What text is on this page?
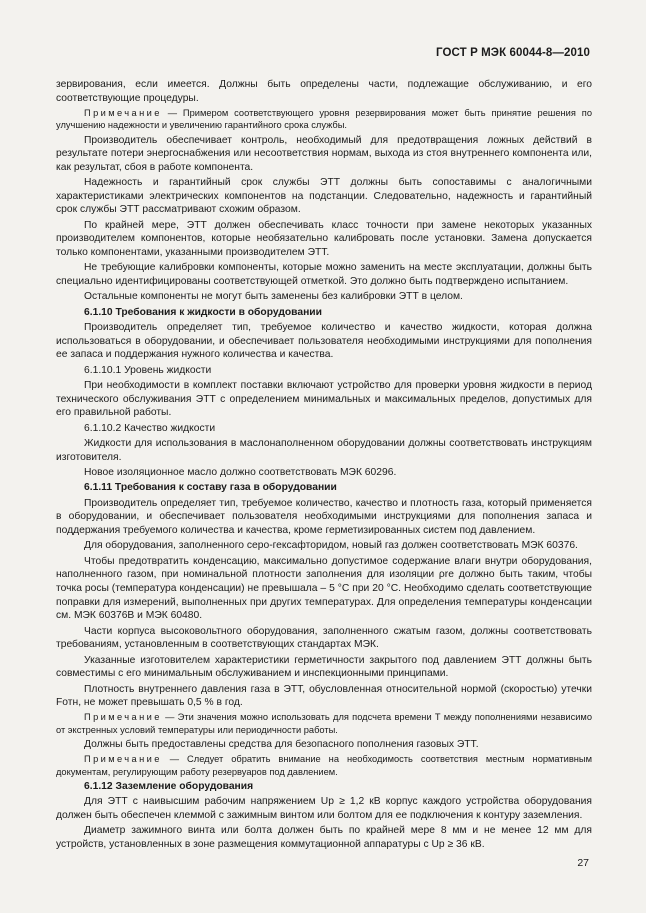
ГОСТ Р МЭК 60044-8—2010

зервирования, если имеется. Должны быть определены части, подлежащие обслуживанию, и его соответствующие процедуры.

Примечание — Примером соответствующего уровня резервирования может быть принятие решения по улучшению надежности и увеличению гарантийного срока службы.

Производитель обеспечивает контроль, необходимый для предотвращения ложных действий в результате потери энергоснабжения или несоответствия нормам, выхода из стоя внутреннего компонента или, как результат, сбоя в работе компонента.

Надежность и гарантийный срок службы ЭТТ должны быть сопоставимы с аналогичными характеристиками электрических компонентов на подстанции. Следовательно, надежность и гарантийный срок службы ЭТТ рассматривают схожим образом.

По крайней мере, ЭТТ должен обеспечивать класс точности при замене некоторых указанных производителем компонентов, которые необязательно калибровать после установки. Замена допускается только компонентами, указанными производителем ЭТТ.

Не требующие калибровки компоненты, которые можно заменить на месте эксплуатации, должны быть специально идентифицированы соответствующей отметкой. Это должно быть подтверждено испытанием.

Остальные компоненты не могут быть заменены без калибровки ЭТТ в целом.

6.1.10 Требования к жидкости в оборудовании

Производитель определяет тип, требуемое количество и качество жидкости, которая должна использоваться в оборудовании, и обеспечивает пользователя необходимыми инструкциями для пополнения ее запаса и поддержания нужного количества и качества.

6.1.10.1 Уровень жидкости

При необходимости в комплект поставки включают устройство для проверки уровня жидкости в период технического обслуживания ЭТТ с определением минимальных и максимальных пределов, допустимых для его правильной работы.

6.1.10.2 Качество жидкости

Жидкости для использования в маслонаполненном оборудовании должны соответствовать инструкциям изготовителя.

Новое изоляционное масло должно соответствовать МЭК 60296.

6.1.11 Требования к составу газа в оборудовании

Производитель определяет тип, требуемое количество, качество и плотность газа, который применяется в оборудовании, и обеспечивает пользователя необходимыми инструкциями для пополнения запаса и поддержания требуемого количества и качества, кроме герметизированных систем под давлением.

Для оборудования, заполненного серо-гексафторидом, новый газ должен соответствовать МЭК 60376.

Чтобы предотвратить конденсацию, максимально допустимое содержание влаги внутри оборудования, наполненного газом, при номинальной плотности заполнения для изоляции ρre должно быть таким, чтобы точка росы (температура конденсации) не превышала – 5 °С при 20 °С. Необходимо сделать соответствующие поправки для измерений, выполненных при других температурах. Для определения температуры конденсации см. МЭК 60376В и МЭК 60480.

Части корпуса высоковольтного оборудования, заполненного сжатым газом, должны соответствовать требованиям, установленным в соответствующих стандартах МЭК.

Указанные изготовителем характеристики герметичности закрытого под давлением ЭТТ должны быть совместимы с его минимальным обслуживанием и инспекционными принципами.

Плотность внутреннего давления газа в ЭТТ, обусловленная относительной нормой (скоростью) утечки Fотн, не может превышать 0,5 % в год.

Примечание — Эти значения можно использовать для подсчета времени T между пополнениями независимо от экстренных условий температуры или периодичности работы.

Должны быть предоставлены средства для безопасного пополнения газовых ЭТТ.

Примечание — Следует обратить внимание на необходимость соответствия местным нормативным документам, регулирующим работу резервуаров под давлением.

6.1.12 Заземление оборудования

Для ЭТТ с наивысшим рабочим напряжением Uр ≥ 1,2 кВ корпус каждого устройства оборудования должен быть обеспечен клеммой с зажимным винтом или болтом для ее подключения к контуру заземления.

Диаметр зажимного винта или болта должен быть по крайней мере 8 мм и не менее 12 мм для устройств, установленных в зоне размещения коммутационной аппаратуры с Uр ≥ 36 кВ.

27
